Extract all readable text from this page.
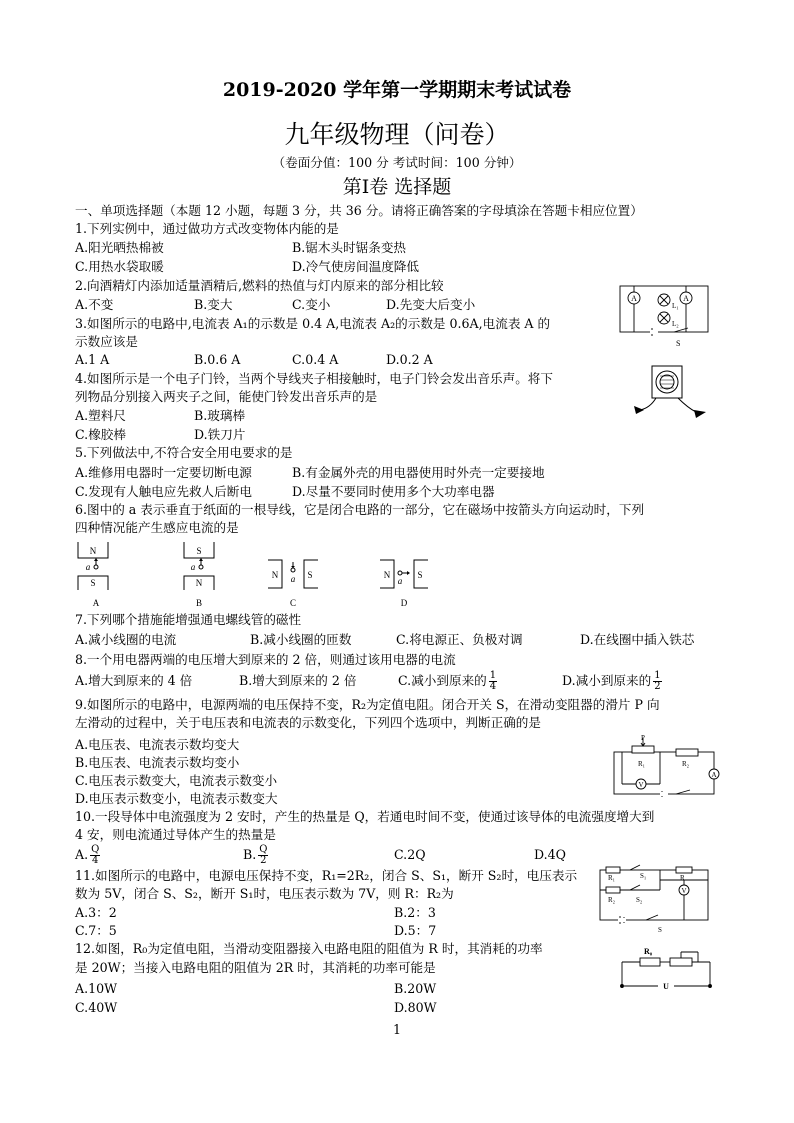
2019-2020 学年第一学期期末考试试卷
九年级物理（问卷）
（卷面分值：100 分 考试时间：100 分钟）
第Ⅰ卷 选择题
一、单项选择题（本题 12 小题，每题 3 分，共 36 分。请将正确答案的字母填涂在答题卡相应位置）
1.下列实例中，通过做功方式改变物体内能的是
A.阳光晒热棉被	B.锯木头时锯条变热
C.用热水袋取暖	D.冷气使房间温度降低
2.向酒精灯内添加适量酒精后,燃料的热值与灯内原来的部分相比较
A.不变	B.变大	C.变小	D.先变大后变小
3.如图所示的电路中,电流表 A₁的示数是 0.4 A,电流表 A₂的示数是 0.6A,电流表 A 的
示数应该是
A.1 A	B.0.6 A	C.0.4 A	D.0.2 A
A	A
L₁
L₂
S
4.如图所示是一个电子门铃，当两个导线夹子相接触时，电子门铃会发出音乐声。将下
列物品分别接入两夹子之间，能使门铃发出音乐声的是
A.塑料尺	B.玻璃棒
C.橡胶棒	D.铁刀片
5.下列做法中,不符合安全用电要求的是
A.维修用电器时一定要切断电源	B.有金属外壳的用电器使用时外壳一定要接地
C.发现有人触电应先救人后断电	D.尽量不要同时使用多个大功率电器
6.图中的 a 表示垂直于纸面的一根导线，它是闭合电路的一部分，它在磁场中按箭头方向运动时，下列
四种情况能产生感应电流的是
N
S
a
A
S
N
a
B
N	S
a
C
N	S
a
D
7.下列哪个措施能增强通电螺线管的磁性
A.减小线圈的电流	B.减小线圈的匝数	C.将电源正、负极对调	D.在线圈中插入铁芯
8.一个用电器两端的电压增大到原来的 2 倍，则通过该用电器的电流
A.增大到原来的 4 倍	B.增大到原来的 2 倍	C.减小到原来的 $\frac{1}{4}$	D.减小到原来的 $\frac{1}{2}$
9.如图所示的电路中，电源两端的电压保持不变，R₂为定值电阻。闭合开关 S，在滑动变阻器的滑片 P 向
左滑动的过程中，关于电压表和电流表的示数变化，下列四个选项中，判断正确的是
A.电压表、电流表示数均变大
B.电压表、电流表示数均变小
C.电压表示数变大，电流表示数变小
D.电压表示数变小，电流表示数变大
P
R₁	R₂
V
A
10.一段导体中电流强度为 2 安时，产生的热量是 Q，若通电时间不变，使通过该导体的电流强度增大到
4 安，则电流通过导体产生的热量是
A. $\frac{Q}{4}$	B. $\frac{Q}{2}$	C.2Q	D.4Q
11.如图所示的电路中，电源电压保持不变，R₁=2R₂，闭合 S、S₁，断开 S₂时，电压表示
数为 5V，闭合 S、S₂，断开 S₁时，电压表示数为 7V，则 R：R₂为
A.3：2	B.2：3
C.7：5	D.5：7
R₁
R₂
R
S₁
S₂
V
S
12.如图，R₀为定值电阻，当滑动变阻器接入电路电阻的阻值为 R 时，其消耗的功率
是 20W；当接入电路电阻的阻值为 2R 时，其消耗的功率可能是
A.10W	B.20W
C.40W	D.80W
R₀
U
1
